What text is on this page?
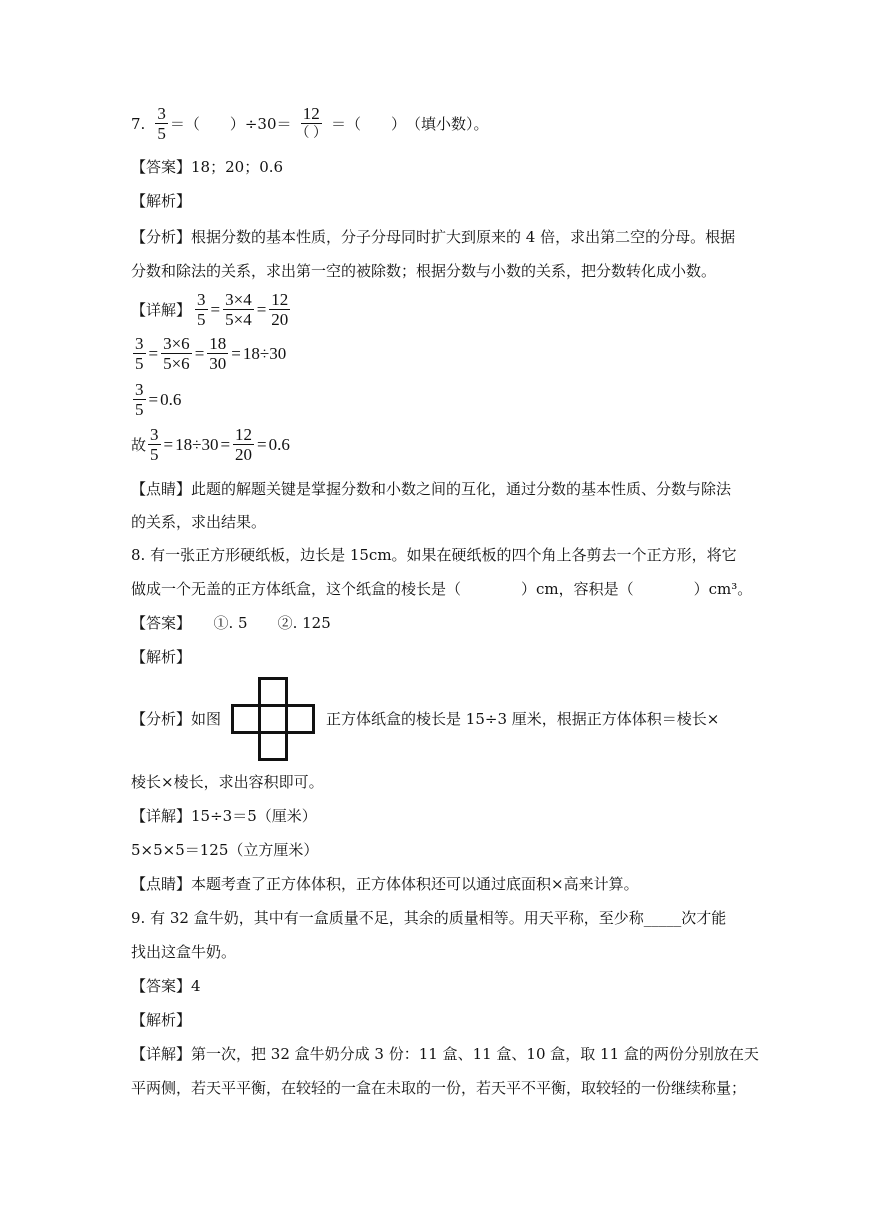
7. $\frac{3}{5}$ ＝ （　　） $\div 30= \frac{12}{( )}$ ＝ （　　） （填小数）。
【答案】18；20；0.6
【解析】
【分析】根据分数的基本性质，分子分母同时扩大到原来的 4 倍，求出第二空的分母。根据
分数和除法的关系，求出第一空的被除数；根据分数与小数的关系，把分数转化成小数。
【详解】 $\frac{3}{5} = \frac{3\times 4}{5\times 4} = \frac{12}{20}$
$\frac{3}{5} = \frac{3\times 6}{5\times 6} = \frac{18}{30} = 18\div 30$
$\frac{3}{5} = 0.6$
故 $\frac{3}{5} = 18\div 30 = \frac{12}{20} = 0.6$
【点睛】此题的解题关键是掌握分数和小数之间的互化，通过分数的基本性质、分数与除法
的关系，求出结果。
8. 有一张正方形硬纸板，边长是 15cm。如果在硬纸板的四个角上各剪去一个正方形，将它
做成一个无盖的正方体纸盒，这个纸盒的棱长是（　　　　）cm，容积是（　　　　）cm³。
【答案】　　①. 5　　②. 125
【解析】
【分析】如图	，正方体纸盒的棱长是 15÷3 厘米，根据正方体体积＝棱长×
棱长×棱长，求出容积即可。
【详解】15÷3＝5（厘米）
5×5×5＝125（立方厘米）
【点睛】本题考查了正方体体积，正方体体积还可以通过底面积×高来计算。
9. 有 32 盒牛奶，其中有一盒质量不足，其余的质量相等。用天平称，至少称_____次才能
找出这盒牛奶。
【答案】4
【解析】
【详解】第一次，把 32 盒牛奶分成 3 份：11 盒、11 盒、10 盒，取 11 盒的两份分别放在天
平两侧，若天平平衡，在较轻的一盒在未取的一份，若天平不平衡，取较轻的一份继续称量；
